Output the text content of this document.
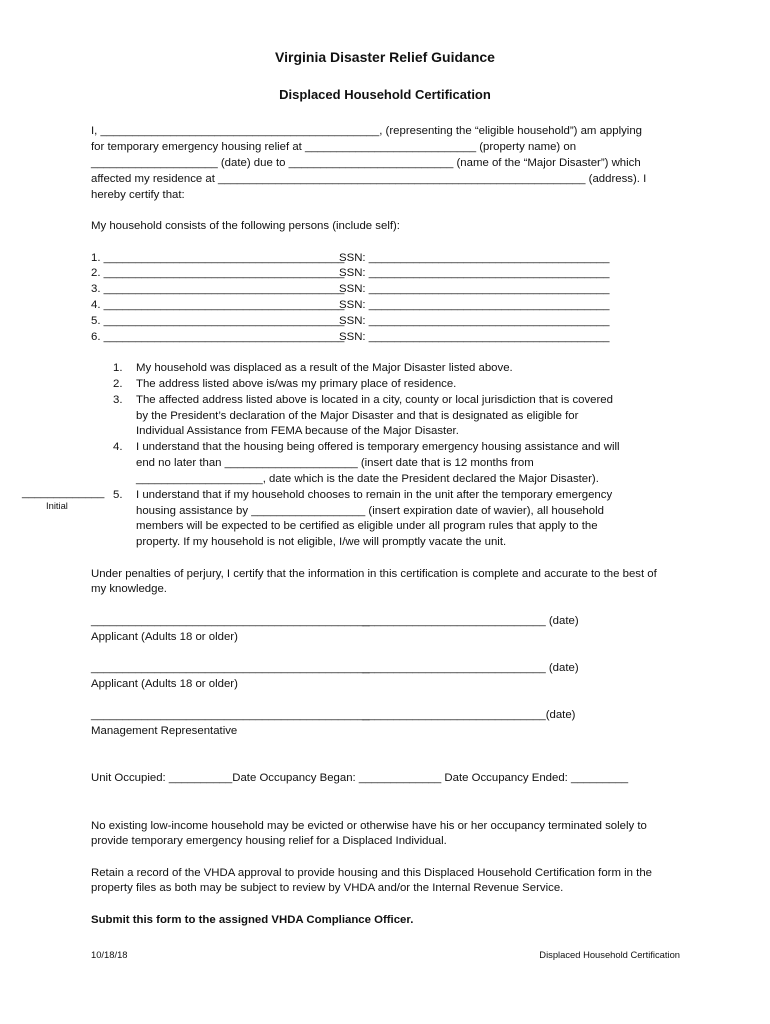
Virginia Disaster Relief Guidance
Displaced Household Certification
I, ____________________________________________, (representing the “eligible household”) am applying
for temporary emergency housing relief at ___________________________ (property name) on
____________________ (date) due to __________________________ (name of the “Major Disaster”) which
affected my residence at __________________________________________________________ (address). I
hereby certify that:
My household consists of the following persons (include self):
1. ______________________________________
SSN: ______________________________________
2. ______________________________________
SSN: ______________________________________
3. ______________________________________
SSN: ______________________________________
4. ______________________________________
SSN: ______________________________________
5. ______________________________________
SSN: ______________________________________
6. ______________________________________
SSN: ______________________________________
1. My household was displaced as a result of the Major Disaster listed above.
2. The address listed above is/was my primary place of residence.
3. The affected address listed above is located in a city, county or local jurisdiction that is covered
by the President’s declaration of the Major Disaster and that is designated as eligible for
Individual Assistance from FEMA because of the Major Disaster.
4. I understand that the housing being offered is temporary emergency housing assistance and will
end no later than _____________________ (insert date that is 12 months from
____________________, date which is the date the President declared the Major Disaster).
5. I understand that if my household chooses to remain in the unit after the temporary emergency
housing assistance by __________________ (insert expiration date of wavier), all household
members will be expected to be certified as eligible under all program rules that apply to the
property. If my household is not eligible, I/we will promptly vacate the unit.
_____________
Initial
Under penalties of perjury, I certify that the information in this certification is complete and accurate to the best of
my knowledge.
____________________________________________
_____________________________ (date)
Applicant (Adults 18 or older)
____________________________________________
_____________________________ (date)
Applicant (Adults 18 or older)
____________________________________________
_____________________________(date)
Management Representative
Unit Occupied: __________Date Occupancy Began: _____________ Date Occupancy Ended: _________
No existing low-income household may be evicted or otherwise have his or her occupancy terminated solely to
provide temporary emergency housing relief for a Displaced Individual.
Retain a record of the VHDA approval to provide housing and this Displaced Household Certification form in the
property files as both may be subject to review by VHDA and/or the Internal Revenue Service.
Submit this form to the assigned VHDA Compliance Officer.
10/18/18	Displaced Household Certification
